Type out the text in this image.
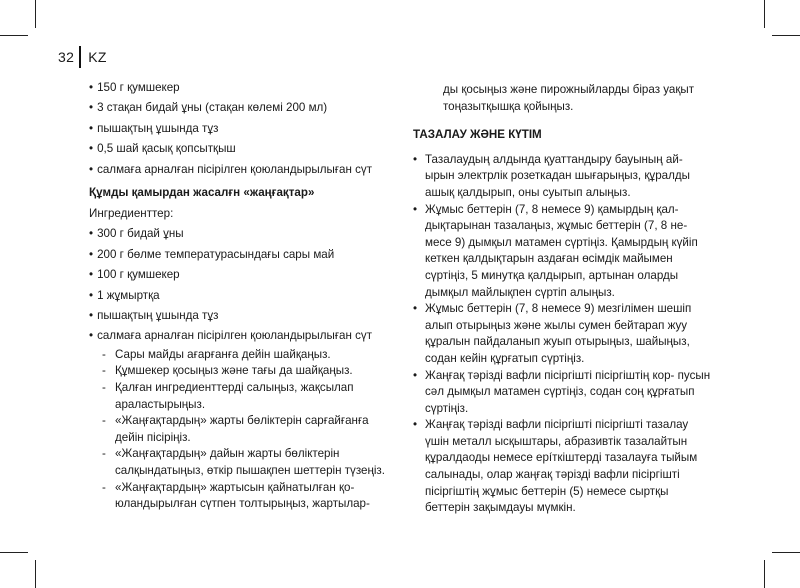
32 KZ
• 150 г қумшекер
• 3 стақан бидай ұны (стақан көлемі 200 мл)
• пышақтың ұшында тұз
• 0,5 шай қасық қопсытқыш
• салмаға арналған пісірілген қоюландырылыған сүт
Құмды қамырдан жасалғн «жаңғақтар»
Ингредиенттер:
• 300 г бидай ұны
• 200 г бөлме температурасындағы сары май
• 100 г қумшекер
• 1 жұмыртқа
• пышақтың ұшында тұз
• салмаға арналған пісірілген қоюландырылыған сүт
- Сары майды ағарғанға дейін шайқаңыз.
- Құмшекер қосыңыз және тағы да шайқаңыз.
- Қалған ингредиенттерді салыңыз, жақсылап араластырыңыз.
- «Жаңғақтардың» жарты бөліктерін сарғайғанға дейін пісіріңіз.
- «Жаңғақтардың» дайын жарты бөліктерін салқындатыңыз, өткір пышақпен шеттерін түзеңіз.
- «Жаңғақтардың» жартысын қайнатылған қо- юландырылған сүтпен толтырыңыз, жартылар-

ды қосыңыз және пирожныйларды біраз уақыт тоңазытқышқа қойыңыз.

ТАЗАЛАУ ЖӘНЕ КҮТІМ
• Тазалаудың алдында қуаттандыру бауының ай- ырын электрлік розеткадан шығарыңыз, құралды ашық қалдырып, оны суытып алыңыз.
• Жұмыс беттерін (7, 8 немесе 9) қамырдың қал- дықтарынан тазалаңыз, жұмыс беттерін (7, 8 не- месе 9) дымқыл матамен сүртіңіз. Қамырдың күйіп кеткен қалдықтарын аздаған өсімдік майымен сүртіңіз, 5 минутқа қалдырып, артынан оларды дымқыл майлықпен сүртіп алыңыз.
• Жұмыс беттерін (7, 8 немесе 9) мезгілімен шешіп алып отырыңыз және жылы сумен бейтарап жуу құралын пайдаланып жуып отырыңыз, шайыңыз, содан кейін құрғатып сүртіңіз.
• Жаңғақ тәрізді вафли пісіргішті пісіргіштің кор- пусын сәл дымқыл матамен сүртіңіз, содан соң құрғатып сүртіңіз.
• Жаңғақ тәрізді вафли пісіргішті пісіргішті тазалау үшін металл ысқыштары, абразивтік тазалайтын құралдаоды немесе ерíткіштерді тазалауға тыйым салынады, олар жаңғақ тәрізді вафли пісіргішті пісіргіштің жұмыс беттерін (5) немесе сыртқы беттерін зақымдауы мүмкін.
